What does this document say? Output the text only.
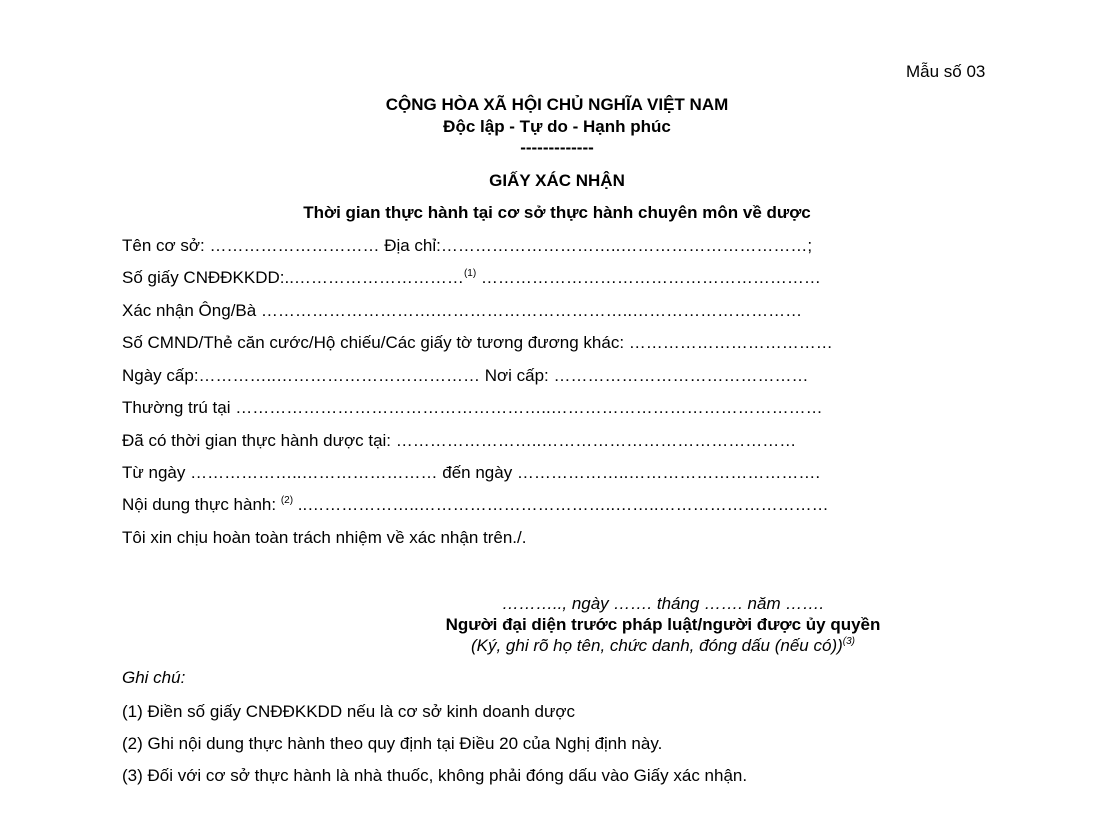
Mẫu số 03
CỘNG HÒA XÃ HỘI CHỦ NGHĨA VIỆT NAM
Độc lập - Tự do - Hạnh phúc
-------------
GIẤY XÁC NHẬN
Thời gian thực hành tại cơ sở thực hành chuyên môn về dược
Tên cơ sở: ………………………… Địa chỉ:…………………………..……………………………;
Số giấy CNĐĐKKDD:..…………………………$^{(1)}$ ……………………………………………………
Xác nhận Ông/Bà ………………………….……………………………..…………………………
Số CMND/Thẻ căn cước/Hộ chiếu/Các giấy tờ tương đương khác: ………………………………
Ngày cấp:…………..……………………………… Nơi cấp: ………………………………………
Thường trú tại ………………………………………………..…………………………………………
Đã có thời gian thực hành dược tại: ……………………..………………………………………
Từ ngày ………………..…………………… đến ngày ………………..…………………………….
Nội dung thực hành: $^{(2)}$ ..………………..……………………………..……..…………………………
Tôi xin chịu hoàn toàn trách nhiệm về xác nhận trên./.
……….., ngày ……. tháng ……. năm …….
Người đại diện trước pháp luật/người được ủy quyền
(Ký, ghi rõ họ tên, chức danh, đóng dấu (nếu có))$^{(3)}$
Ghi chú:
(1) Điền số giấy CNĐĐKKDD nếu là cơ sở kinh doanh dược
(2) Ghi nội dung thực hành theo quy định tại Điều 20 của Nghị định này.
(3) Đối với cơ sở thực hành là nhà thuốc, không phải đóng dấu vào Giấy xác nhận.
